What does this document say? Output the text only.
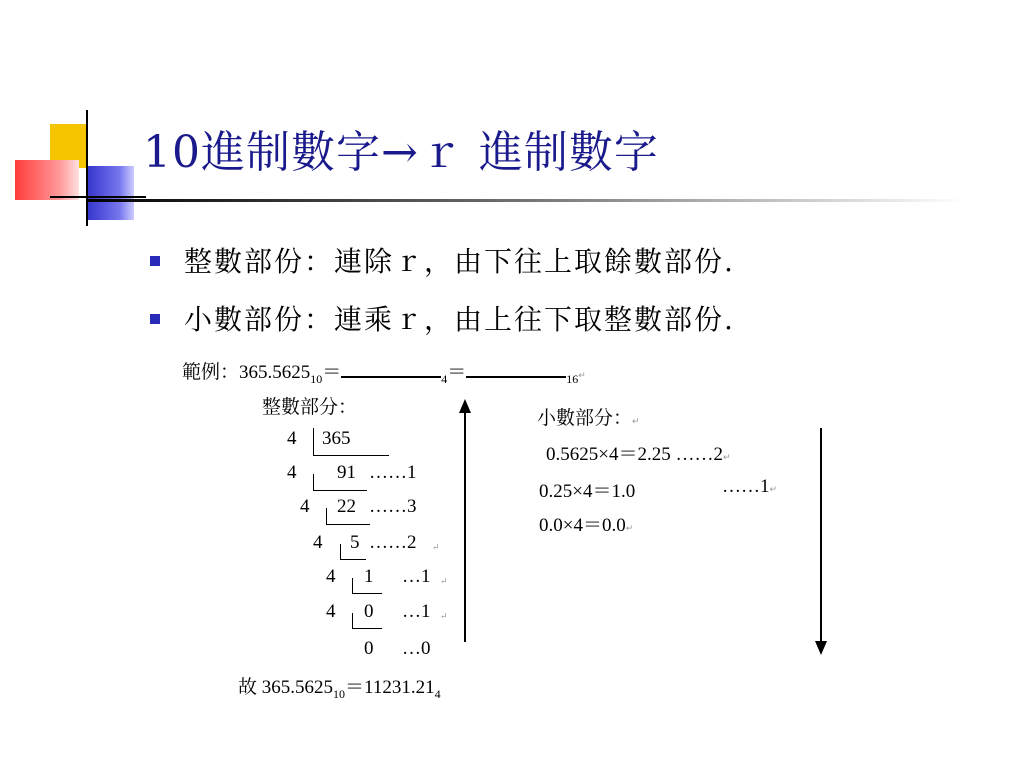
10進制數字→ｒ 進制數字
整數部份：連除ｒ，由下往上取餘數部份.
小數部份：連乘ｒ，由上往下取整數部份.
範例：$365.5625_{10}=$	$_4$＝	$_{16}$↵
整數部分：
4 365
4 91 ……1
4 22 ……3
4 5 ……2 ↵
4 1 …1 ↵
4 0 …1 ↵
0 …0
故 $365.5625_{10}=11231.21_4$
小數部分：↵
0.5625×4＝2.25 ……2↵
0.25×4＝1.0	……1↵
0.0×4＝0.0↵
